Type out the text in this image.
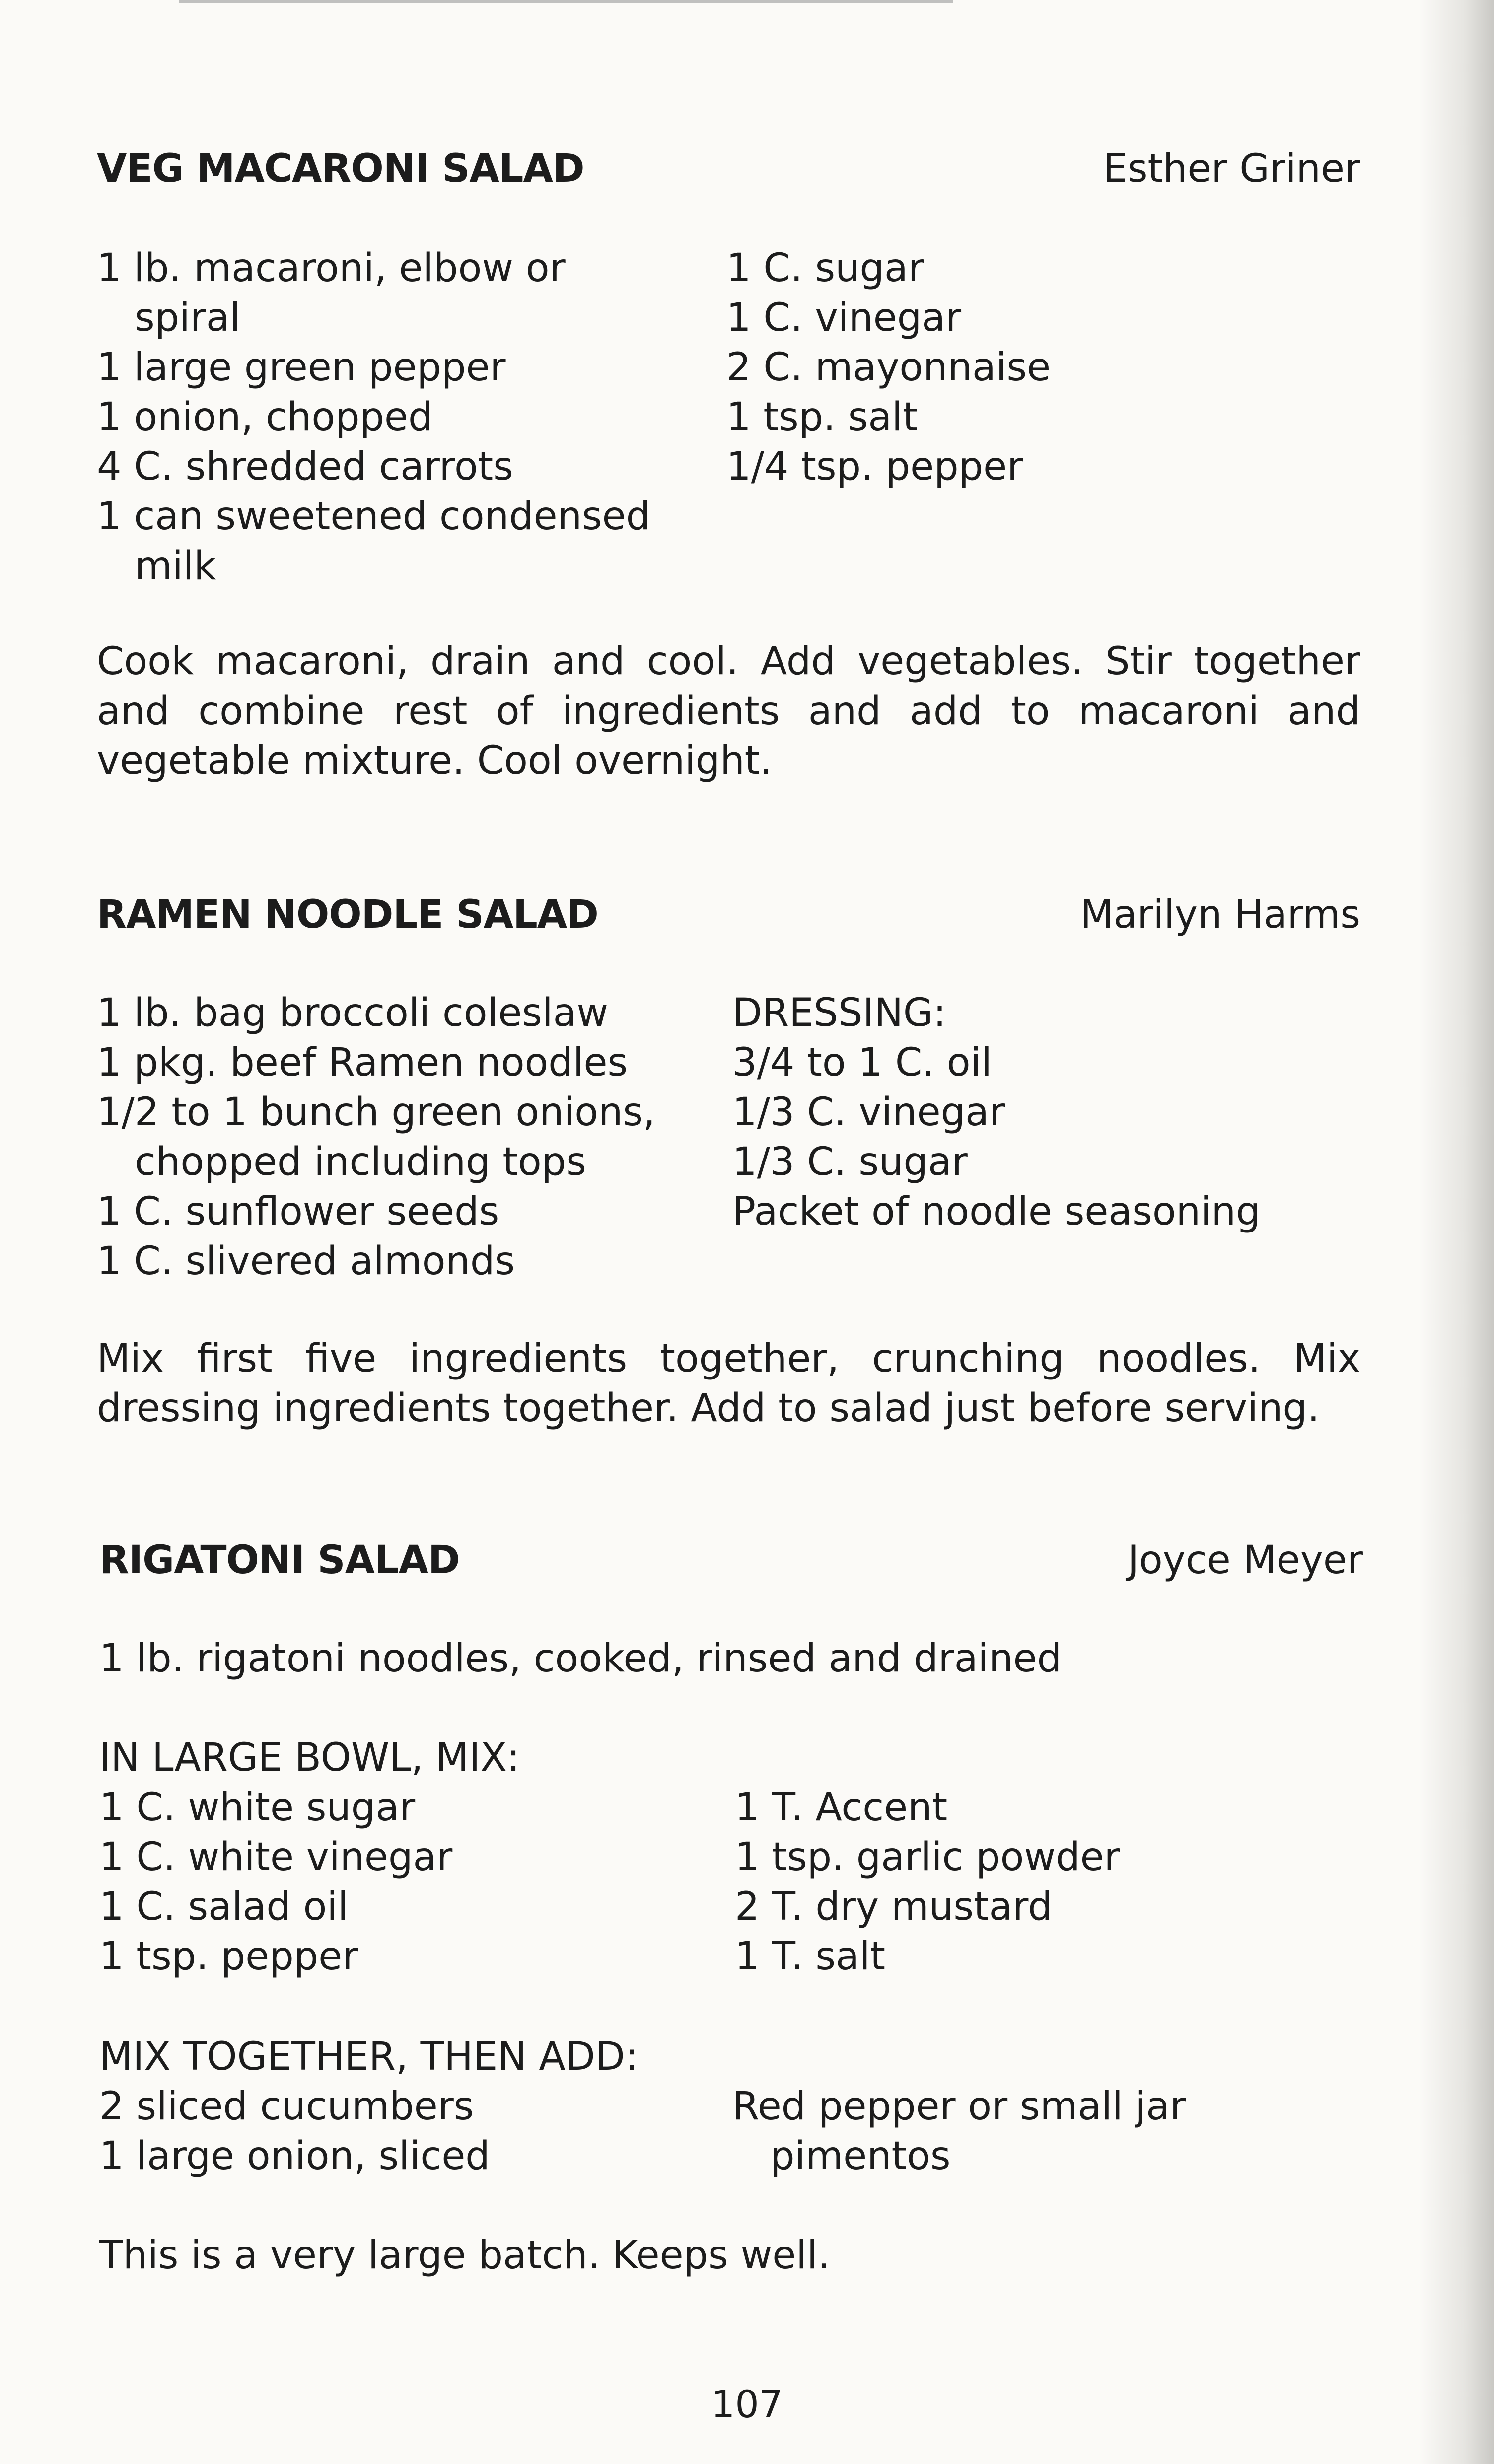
VEG MACARONI SALAD	Esther Griner
1 lb. macaroni, elbow or
spiral
1 large green pepper
1 onion, chopped
4 C. shredded carrots
1 can sweetened condensed
milk
1 C. sugar
1 C. vinegar
2 C. mayonnaise
1 tsp. salt
1/4 tsp. pepper
Cook macaroni, drain and cool. Add vegetables. Stir together and combine rest of ingredients and add to macaroni and vegetable mixture. Cool overnight.
RAMEN NOODLE SALAD	Marilyn Harms
1 lb. bag broccoli coleslaw
1 pkg. beef Ramen noodles
1/2 to 1 bunch green onions,
chopped including tops
1 C. sunflower seeds
1 C. slivered almonds
DRESSING:
3/4 to 1 C. oil
1/3 C. vinegar
1/3 C. sugar
Packet of noodle seasoning
Mix first five ingredients together, crunching noodles. Mix dressing ingredients together. Add to salad just before serving.
RIGATONI SALAD	Joyce Meyer
1 lb. rigatoni noodles, cooked, rinsed and drained
IN LARGE BOWL, MIX:
1 C. white sugar
1 C. white vinegar
1 C. salad oil
1 tsp. pepper
1 T. Accent
1 tsp. garlic powder
2 T. dry mustard
1 T. salt
MIX TOGETHER, THEN ADD:
2 sliced cucumbers
1 large onion, sliced
Red pepper or small jar
pimentos
This is a very large batch. Keeps well.
107
